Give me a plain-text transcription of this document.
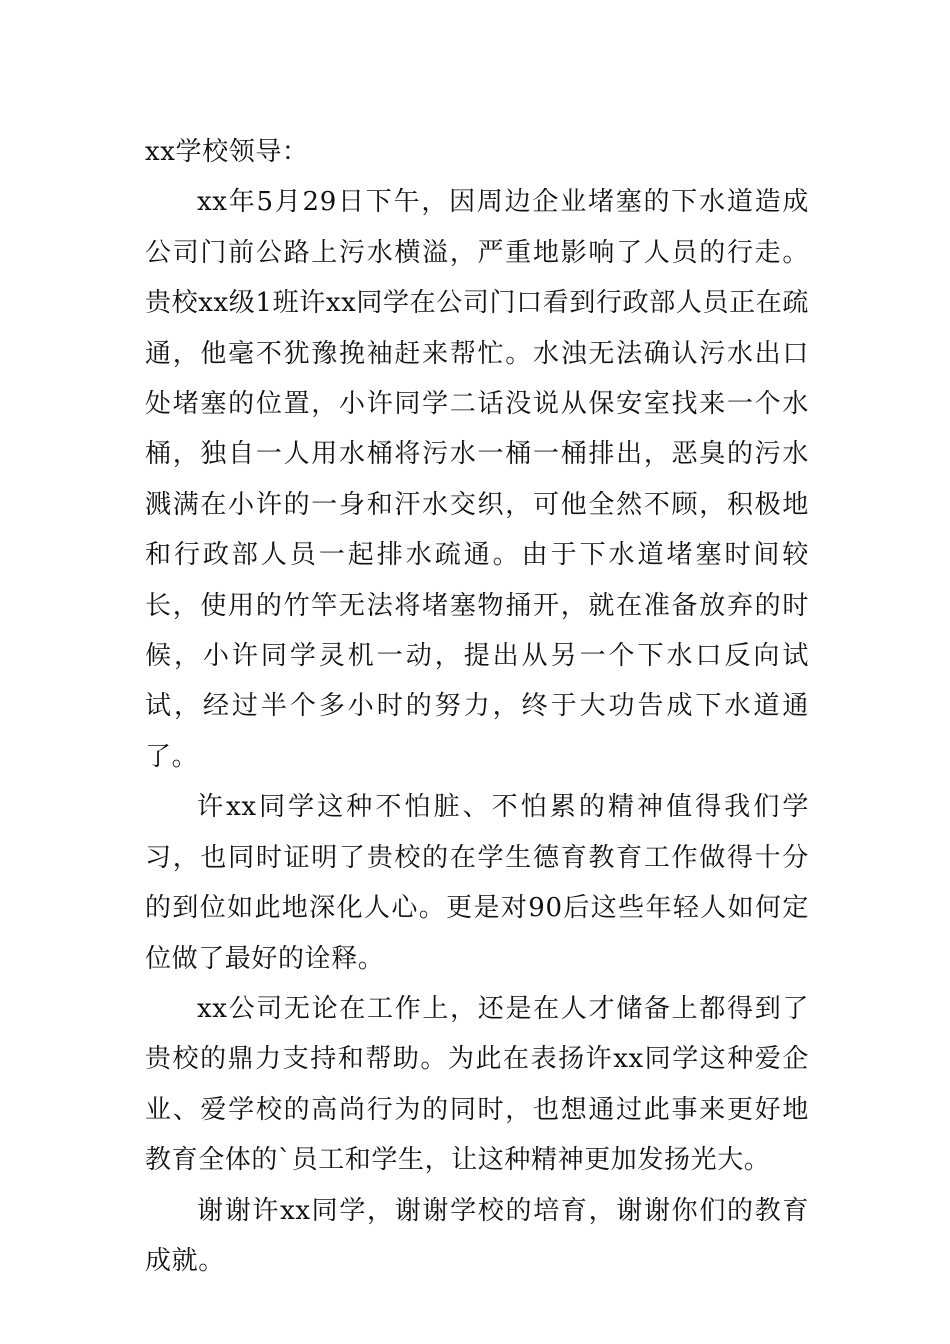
xx学校领导：

xx年5月29日下午，因周边企业堵塞的下水道造成公司门前公路上污水横溢，严重地影响了人员的行走。贵校xx级1班许xx同学在公司门口看到行政部人员正在疏通，他毫不犹豫挽袖赶来帮忙。水浊无法确认污水出口处堵塞的位置，小许同学二话没说从保安室找来一个水桶，独自一人用水桶将污水一桶一桶排出，恶臭的污水溅满在小许的一身和汗水交织，可他全然不顾，积极地和行政部人员一起排水疏通。由于下水道堵塞时间较长，使用的竹竿无法将堵塞物捅开，就在准备放弃的时候，小许同学灵机一动，提出从另一个下水口反向试试，经过半个多小时的努力，终于大功告成下水道通了。

许xx同学这种不怕脏、不怕累的精神值得我们学习，也同时证明了贵校的在学生德育教育工作做得十分的到位如此地深化人心。更是对90后这些年轻人如何定位做了最好的诠释。

xx公司无论在工作上，还是在人才储备上都得到了贵校的鼎力支持和帮助。为此在表扬许xx同学这种爱企业、爱学校的高尚行为的同时，也想通过此事来更好地教育全体的`员工和学生，让这种精神更加发扬光大。

谢谢许xx同学，谢谢学校的培育，谢谢你们的教育成就。
